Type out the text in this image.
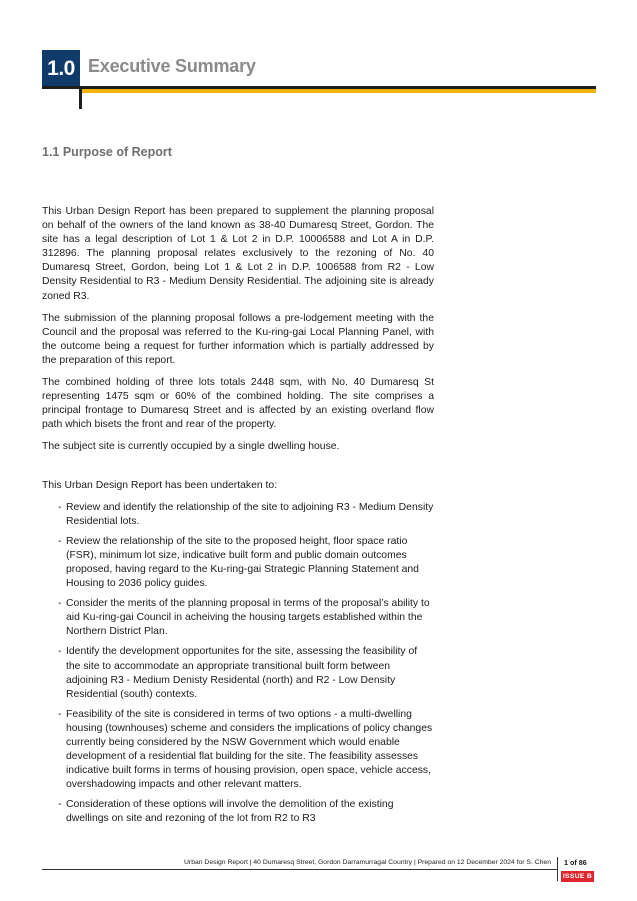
1.0 Executive Summary
1.1 Purpose of Report

This Urban Design Report has been prepared to supplement the planning proposal on behalf of the owners of the land known as 38-40 Dumaresq Street, Gordon. The site has a legal description of Lot 1 & Lot 2 in D.P. 10006588 and Lot A in D.P. 312896. The planning proposal relates exclusively to the rezoning of No. 40 Dumaresq Street, Gordon, being Lot 1 & Lot 2 in D.P. 1006588 from R2 - Low Density Residential to R3 - Medium Density Residential. The adjoining site is already zoned R3.

The submission of the planning proposal follows a pre-lodgement meeting with the Council and the proposal was referred to the Ku-ring-gai Local Planning Panel, with the outcome being a request for further information which is partially addressed by the preparation of this report.

The combined holding of three lots totals 2448 sqm, with No. 40 Dumaresq St representing 1475 sqm or 60% of the combined holding. The site comprises a principal frontage to Dumaresq Street and is affected by an existing overland flow path which bisets the front and rear of the property.

The subject site is currently occupied by a single dwelling house.

This Urban Design Report has been undertaken to:

- Review and identify the relationship of the site to adjoining R3 - Medium Density Residential lots.
- Review the relationship of the site to the proposed height, floor space ratio (FSR), minimum lot size, indicative built form and public domain outcomes proposed, having regard to the Ku-ring-gai Strategic Planning Statement and Housing to 2036 policy guides.
- Consider the merits of the planning proposal in terms of the proposal’s ability to aid Ku-ring-gai Council in acheiving the housing targets established within the Northern District Plan.
- Identify the development opportunites for the site, assessing the feasibility of the site to accommodate an appropriate transitional built form between adjoining R3 - Medium Denisty Residental (north) and R2 - Low Density Residential (south) contexts.
- Feasibility of the site is considered in terms of two options - a multi-dwelling housing (townhouses) scheme and considers the implications of policy changes currently being considered by the NSW Government which would enable development of a residential flat building for the site. The feasibility assesses indicative built forms in terms of housing provision, open space, vehicle access, overshadowing impacts and other relevant matters.
- Consideration of these options will involve the demolition of the existing dwellings on site and rezoning of the lot from R2 to R3
Urban Design Report | 40 Dumaresq Street, Gordon Darramurragal Country | Prepared on 12 December 2024 for S. Chen 1 of 86
ISSUE B
